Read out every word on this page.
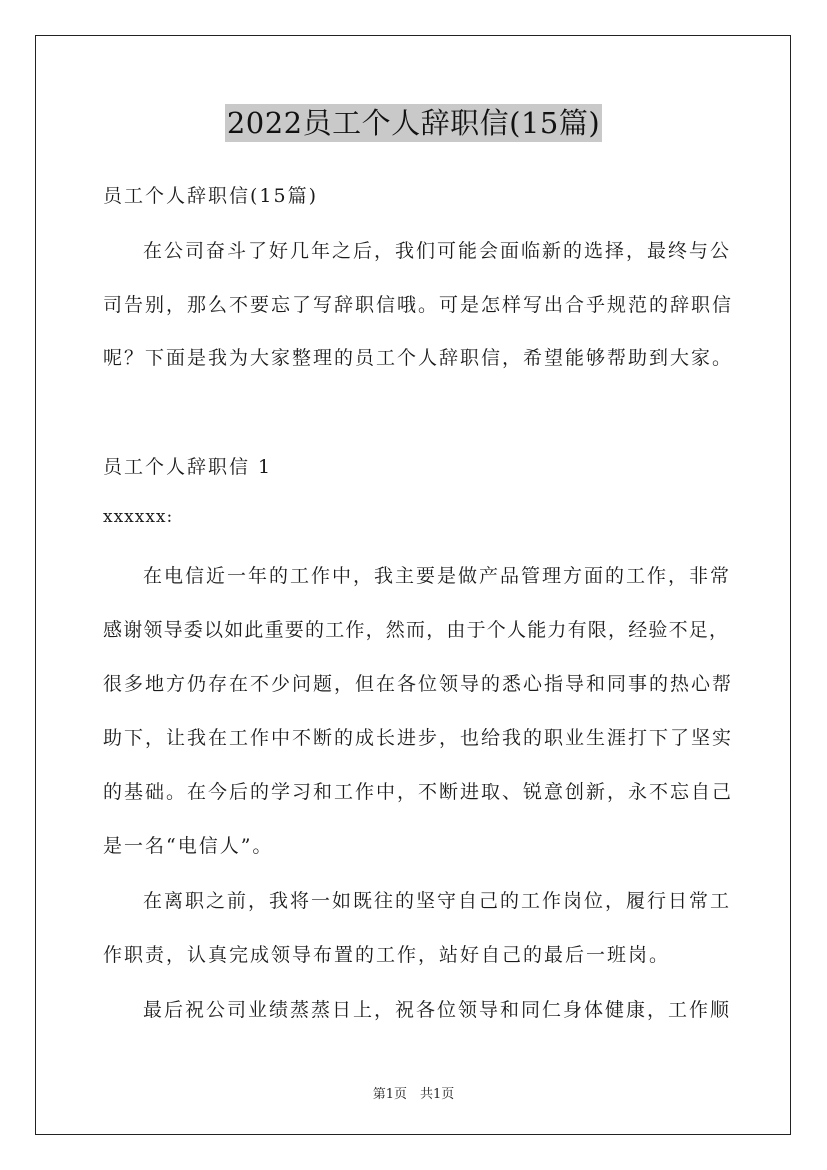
2022员工个人辞职信(15篇)
员工个人辞职信(15篇)
在公司奋斗了好几年之后，我们可能会面临新的选择，最终与公
司告别，那么不要忘了写辞职信哦。可是怎样写出合乎规范的辞职信
呢？下面是我为大家整理的员工个人辞职信，希望能够帮助到大家。
员工个人辞职信 1
xxxxxx:
在电信近一年的工作中，我主要是做产品管理方面的工作，非常
感谢领导委以如此重要的工作，然而，由于个人能力有限，经验不足，
很多地方仍存在不少问题，但在各位领导的悉心指导和同事的热心帮
助下，让我在工作中不断的成长进步，也给我的职业生涯打下了坚实
的基础。在今后的学习和工作中，不断进取、锐意创新，永不忘自己
是一名“电信人”。
在离职之前，我将一如既往的坚守自己的工作岗位，履行日常工
作职责，认真完成领导布置的工作，站好自己的最后一班岗。
最后祝公司业绩蒸蒸日上，祝各位领导和同仁身体健康，工作顺
第1页　共1页
